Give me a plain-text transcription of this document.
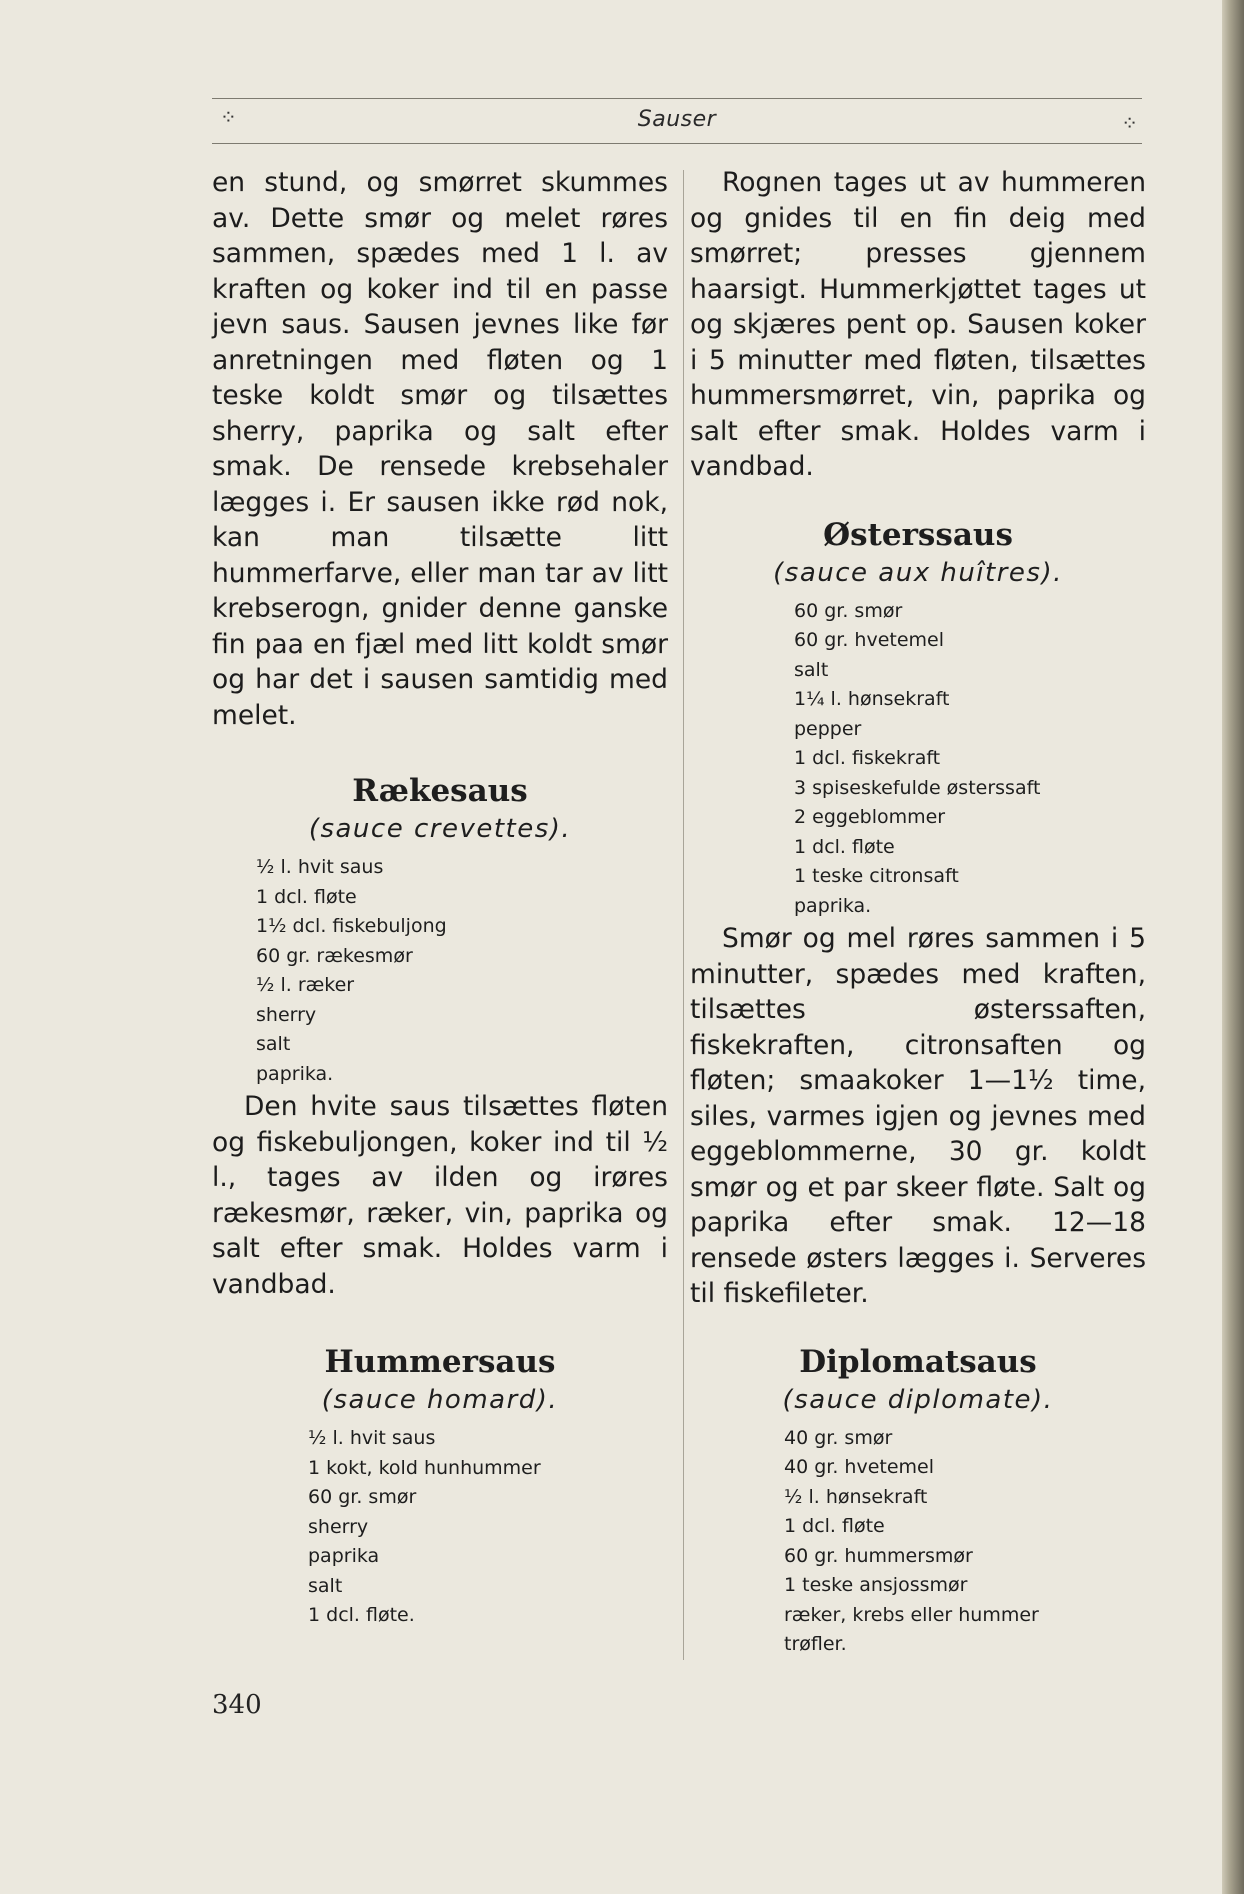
⁘	Sauser	⁘

en stund, og smørret skummes av. Dette smør og melet røres sammen, spædes med 1 l. av kraften og koker ind til en passe jevn saus. Sausen jevnes like før anretningen med fløten og 1 teske koldt smør og tilsættes sherry, paprika og salt efter smak. De rensede krebsehaler lægges i. Er sausen ikke rød nok, kan man tilsætte litt hummerfarve, eller man tar av litt krebserogn, gnider denne ganske fin paa en fjæl med litt koldt smør og har det i sausen samtidig med melet.

Rækesaus

(sauce crevettes).

½ l. hvit saus
1 dcl. fløte
1½ dcl. fiskebuljong
60 gr. rækesmør
½ l. ræker
sherry
salt
paprika.

Den hvite saus tilsættes fløten og fiskebuljongen, koker ind til ½ l., tages av ilden og irøres rækesmør, ræker, vin, paprika og salt efter smak. Holdes varm i vandbad.

Hummersaus

(sauce homard).

½ l. hvit saus
1 kokt, kold hunhummer
60 gr. smør
sherry
paprika
salt
1 dcl. fløte.

Rognen tages ut av hummeren og gnides til en fin deig med smørret; presses gjennem haarsigt. Hummerkjøttet tages ut og skjæres pent op. Sausen koker i 5 minutter med fløten, tilsættes hummersmørret, vin, paprika og salt efter smak. Holdes varm i vandbad.

Østerssaus

(sauce aux huîtres).

60 gr. smør
60 gr. hvetemel
salt
1¼ l. hønsekraft
pepper
1 dcl. fiskekraft
3 spiseskefulde østerssaft
2 eggeblommer
1 dcl. fløte
1 teske citronsaft
paprika.

Smør og mel røres sammen i 5 minutter, spædes med kraften, tilsættes østerssaften, fiskekraften, citronsaften og fløten; smaakoker 1—1½ time, siles, varmes igjen og jevnes med eggeblommerne, 30 gr. koldt smør og et par skeer fløte. Salt og paprika efter smak. 12—18 rensede østers lægges i. Serveres til fiskefileter.

Diplomatsaus

(sauce diplomate).

40 gr. smør
40 gr. hvetemel
½ l. hønsekraft
1 dcl. fløte
60 gr. hummersmør
1 teske ansjossmør
ræker, krebs eller hummer
trøfler.
340
